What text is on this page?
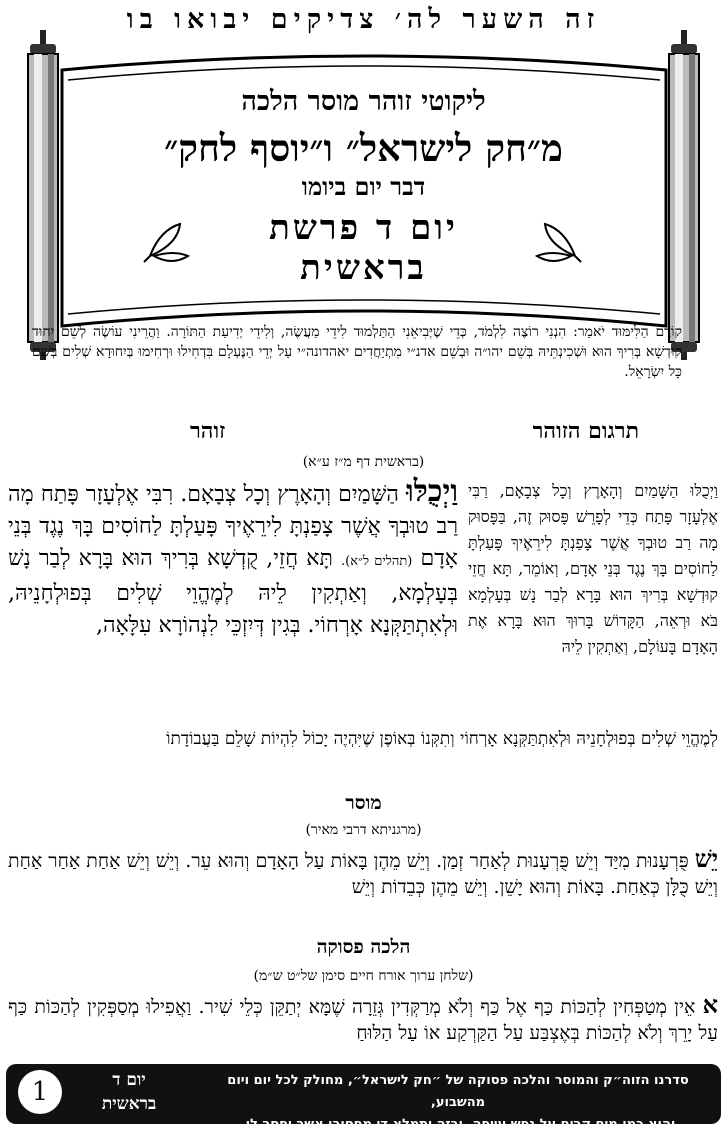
זה השער לה׳ צדיקים יבואו בו
ליקוטי זוהר מוסר הלכה
מ״חק לישראל״ ו״יוסף לחק״
דבר יום ביומו
יום ד פרשת בראשית
קוֹדֶם הַלִּימּוּד יֹאמַר: הִנְנִי רוֹצֶה לִלְמֹד, כְּדֵי שֶׁיְּבִיאֵנִי הַתַּלְמוּד לִידֵי מַעֲשֶׂה, וְלִידֵי יְדִיעַת הַתּוֹרָה. וַהֲרֵינִי עוֹשֶׂה לְשֵׁם יִחוּד קוּדְשָׁא בְּרִיךְ הוּא וּשְׁכִינְתֵּיהּ בְּשֵׁם יהו״ה וּבְשֵׁם אדנ״י מִתְיַחֲדִים יאהדונה״י עַל יְדֵי הַנֶּעְלָם בִּדְחִילוּ וּרְחִימוּ בְּיִחוּדָא שְׁלִים בְּשֵׁם כָּל יִשְׂרָאֵל.
זוהר	תרגום הזוהר
(בראשית דף מ״ז ע״א)
וַיְכֻלּוּ הַשָּׁמַיִם וְהָאָרֶץ וְכָל צְבָאָם. רִבִּי אֶלְעָזָר פָּתַח מָה רַב טוּבְךָ אֲשֶׁר צָפַנְתָּ לִירֵאֶיךָ פָּעַלְתָּ לַחוֹסִים בָּךְ נֶגֶד בְּנֵי אָדָם (תהלים ל״א). תָּא חֲזֵי, קֻדְשָׁא בְּרִיךְ הוּא בָּרָא לְבַר נָשׁ בְּעָלְמָא, וְאַתְקִין לֵיהּ לְמֶהֱוֵי שְׁלִים בְּפוּלְחָנֵיהּ, וּלְאִתְתַּקְּנָא אָרְחוֹי. בְּגִין דְּיִזְכֵּי לִנְהוֹרָא עִלָּאָה,
וַיְכֻלּוּ הַשָּׁמַיִם וְהָאָרֶץ וְכָל צְבָאָם, רַבִּי אֶלְעָזָר פָּתַח כְּדֵי לְפָרֵשׁ פָּסוּק זֶה, בַּפָּסוּק מָה רַב טוּבְךָ אֲשֶׁר צָפַנְתָּ לִירֵאֶיךָ פָּעַלְתָּ לַחוֹסִים בָּךְ נֶגֶד בְּנֵי אָדָם, וְאוֹמֵר, תָּא חֲזֵי קוּדְשָׁא בְּרִיךְ הוּא בָּרָא לְבַר נָשׁ בְּעָלְמָא בֹּא וּרְאֵה, הַקָּדוֹשׁ בָּרוּךְ הוּא בָּרָא אֶת הָאָדָם בָּעוֹלָם, וְאַתְקִין לֵיהּ
לְמֶהֱוֵי שְׁלִים בְּפוּלְחָנֵיהּ וּלְאִתְתַּקְּנָא אָרְחוֹי וְתִקְּנוֹ בְּאוֹפֶן שֶׁיִּהְיֶה יָכוֹל לִהְיוֹת שָׁלֵם בַּעֲבוֹדָתוֹ
מוסר
(מרגניתא דרבי מאיר)
יֵשׁ פֻּרְעָנוּת מִיַּד וְיֵשׁ פֻּרְעָנוּת לְאַחַר זְמַן. וְיֵשׁ מֵהֶן בָּאוֹת עַל הָאָדָם וְהוּא עֵר. וְיֵשׁ וְיֵשׁ אַחַת אַחַר אַחַת וְיֵשׁ כֻּלָּן כְּאַחַת. בָּאוֹת וְהוּא יָשֵׁן. וְיֵשׁ מֵהֶן כְּבֵדוֹת וְיֵשׁ
הלכה פסוקה
(שלחן ערוך אורח חיים סימן של״ט ש״מ)
א אֵין מְטַפְּחִין לְהַכּוֹת כַּף אֶל כַּף וְלֹא מְרַקְּדִין גְּזֵרָה שֶׁמָּא יְתַקֵּן כְּלֵי שִׁיר. וַאֲפִילוּ מְסַפְּקִין לְהַכּוֹת כַּף עַל יָרֵךְ וְלֹא לְהַכּוֹת בְּאֶצְבַּע עַל הַקַּרְקַע אוֹ עַל הַלּוּחַ
סדרנו הזוה״ק והמוסר והלכה פסוקה של ״חק לישראל״, מחולק לכל יום ויום מהשבוע,
והוא כמו מים קרים על נפש עייפה, ובזה יתמלא די מחסורו אשר יחסר לו.
יום ד
בראשית
1
